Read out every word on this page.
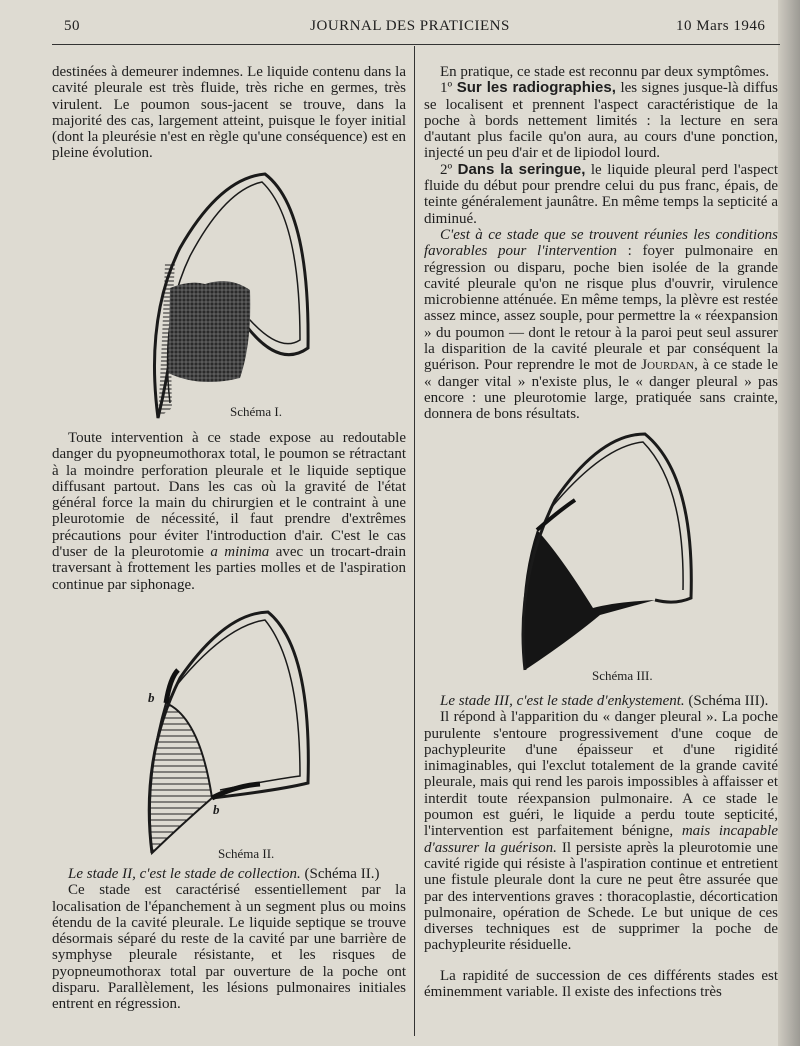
50	JOURNAL DES PRATICIENS	10 Mars 1946

destinées à demeurer indemnes. Le liquide contenu dans la cavité pleurale est très fluide, très riche en germes, très virulent. Le poumon sous-jacent se trouve, dans la majorité des cas, largement atteint, puisque le foyer initial (dont la pleurésie n'est en règle qu'une conséquence) est en pleine évolution.

Schéma I.

Toute intervention à ce stade expose au redoutable danger du pyopneumothorax total, le poumon se rétractant à la moindre perforation pleurale et le liquide septique diffusant partout. Dans les cas où la gravité de l'état général force la main du chirurgien et le contraint à une pleurotomie de nécessité, il faut prendre d'extrêmes précautions pour éviter l'introduction d'air. C'est le cas d'user de la pleurotomie a minima avec un trocart-drain traversant à frottement les parties molles et de l'aspiration continue par siphonage.

b
b
Schéma II.

Le stade II, c'est le stade de collection. (Schéma II.)

Ce stade est caractérisé essentiellement par la localisation de l'épanchement à un segment plus ou moins étendu de la cavité pleurale. Le liquide septique se trouve désormais séparé du reste de la cavité par une barrière de symphyse pleurale résistante, et les risques de pyopneumothorax total par ouverture de la poche ont disparu. Parallèlement, les lésions pulmonaires initiales entrent en régression.

En pratique, ce stade est reconnu par deux symptômes.

1º Sur les radiographies, les signes jusque-là diffus se localisent et prennent l'aspect caractéristique de la poche à bords nettement limités : la lecture en sera d'autant plus facile qu'on aura, au cours d'une ponction, injecté un peu d'air et de lipiodol lourd.

2º Dans la seringue, le liquide pleural perd l'aspect fluide du début pour prendre celui du pus franc, épais, de teinte généralement jaunâtre. En même temps la septicité a diminué.

C'est à ce stade que se trouvent réunies les conditions favorables pour l'intervention : foyer pulmonaire en régression ou disparu, poche bien isolée de la grande cavité pleurale qu'on ne risque plus d'ouvrir, virulence microbienne atténuée. En même temps, la plèvre est restée assez mince, assez souple, pour permettre la « réexpansion » du poumon — dont le retour à la paroi peut seul assurer la disparition de la cavité pleurale et par conséquent la guérison. Pour reprendre le mot de Jourdan, à ce stade le « danger vital » n'existe plus, le « danger pleural » pas encore : une pleurotomie large, pratiquée sans crainte, donnera de bons résultats.

Schéma III.

Le stade III, c'est le stade d'enkystement. (Schéma III).

Il répond à l'apparition du « danger pleural ». La poche purulente s'entoure progressivement d'une coque de pachypleurite d'une épaisseur et d'une rigidité inimaginables, qui l'exclut totalement de la grande cavité pleurale, mais qui rend les parois impossibles à affaisser et interdit toute réexpansion pulmonaire. A ce stade le poumon est guéri, le liquide a perdu toute septicité, l'intervention est parfaitement bénigne, mais incapable d'assurer la guérison. Il persiste après la pleurotomie une cavité rigide qui résiste à l'aspiration continue et entretient une fistule pleurale dont la cure ne peut être assurée que par des interventions graves : thoracoplastie, décortication pulmonaire, opération de Schede. Le but unique de ces diverses techniques est de supprimer la poche de pachypleurite résiduelle.

La rapidité de succession de ces différents stades est éminemment variable. Il existe des infections très
